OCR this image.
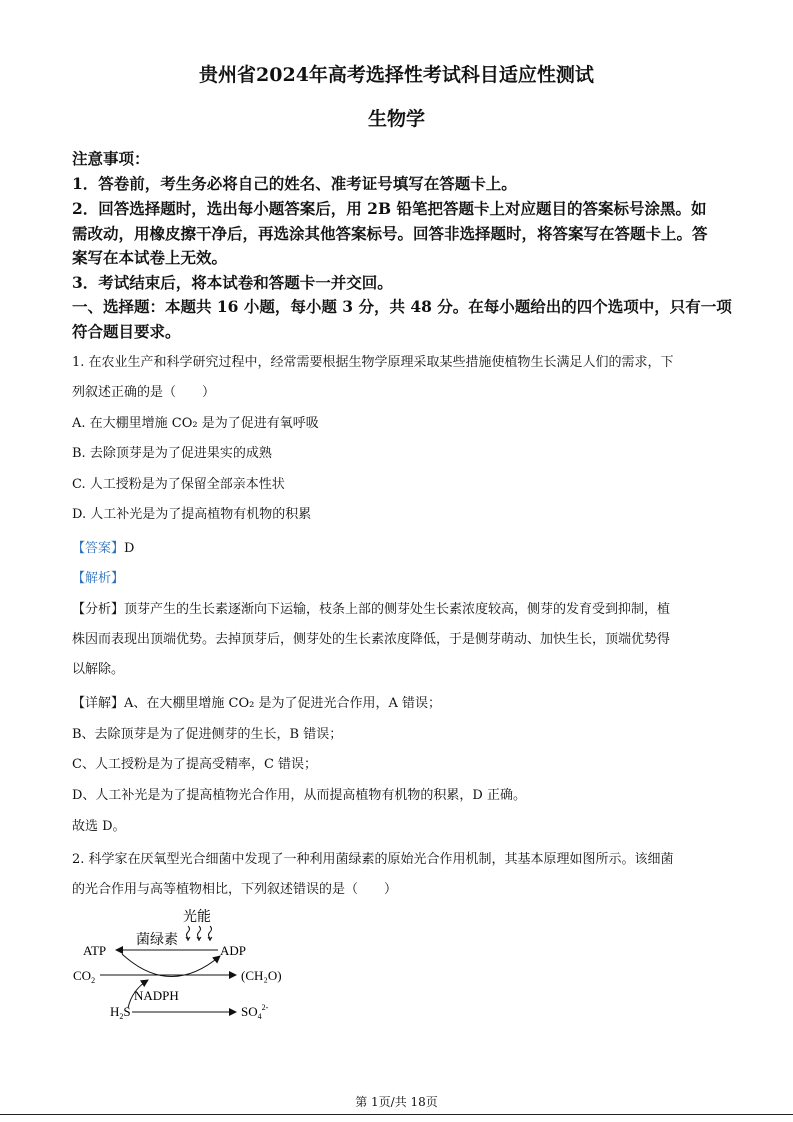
贵州省2024年高考选择性考试科目适应性测试
生物学
注意事项：
1．答卷前，考生务必将自己的姓名、准考证号填写在答题卡上。
2．回答选择题时，选出每小题答案后，用 2B 铅笔把答题卡上对应题目的答案标号涂黑。如
需改动，用橡皮擦干净后，再选涂其他答案标号。回答非选择题时，将答案写在答题卡上。答
案写在本试卷上无效。
3．考试结束后，将本试卷和答题卡一并交回。
一、选择题：本题共 16 小题，每小题 3 分，共 48 分。在每小题给出的四个选项中，只有一项
符合题目要求。
1. 在农业生产和科学研究过程中，经常需要根据生物学原理采取某些措施使植物生长满足人们的需求，下
列叙述正确的是（　　）
A. 在大棚里增施 CO₂ 是为了促进有氧呼吸
B. 去除顶芽是为了促进果实的成熟
C. 人工授粉是为了保留全部亲本性状
D. 人工补光是为了提高植物有机物的积累
【答案】D
【解析】
【分析】顶芽产生的生长素逐渐向下运输，枝条上部的侧芽处生长素浓度较高，侧芽的发育受到抑制，植
株因而表现出顶端优势。去掉顶芽后，侧芽处的生长素浓度降低，于是侧芽萌动、加快生长，顶端优势得
以解除。
【详解】A、在大棚里增施 CO₂ 是为了促进光合作用，A 错误；
B、去除顶芽是为了促进侧芽的生长，B 错误；
C、人工授粉是为了提高受精率，C 错误；
D、人工补光是为了提高植物光合作用，从而提高植物有机物的积累，D 正确。
故选 D。
2. 科学家在厌氧型光合细菌中发现了一种利用菌绿素的原始光合作用机制，其基本原理如图所示。该细菌
的光合作用与高等植物相比，下列叙述错误的是（　　）
光能
菌绿素
ATP	ADP
$CO_2$	(CH₂O)
NADPH
$H_2S$	$SO_4^{2-}$
第 1页/共 18页
